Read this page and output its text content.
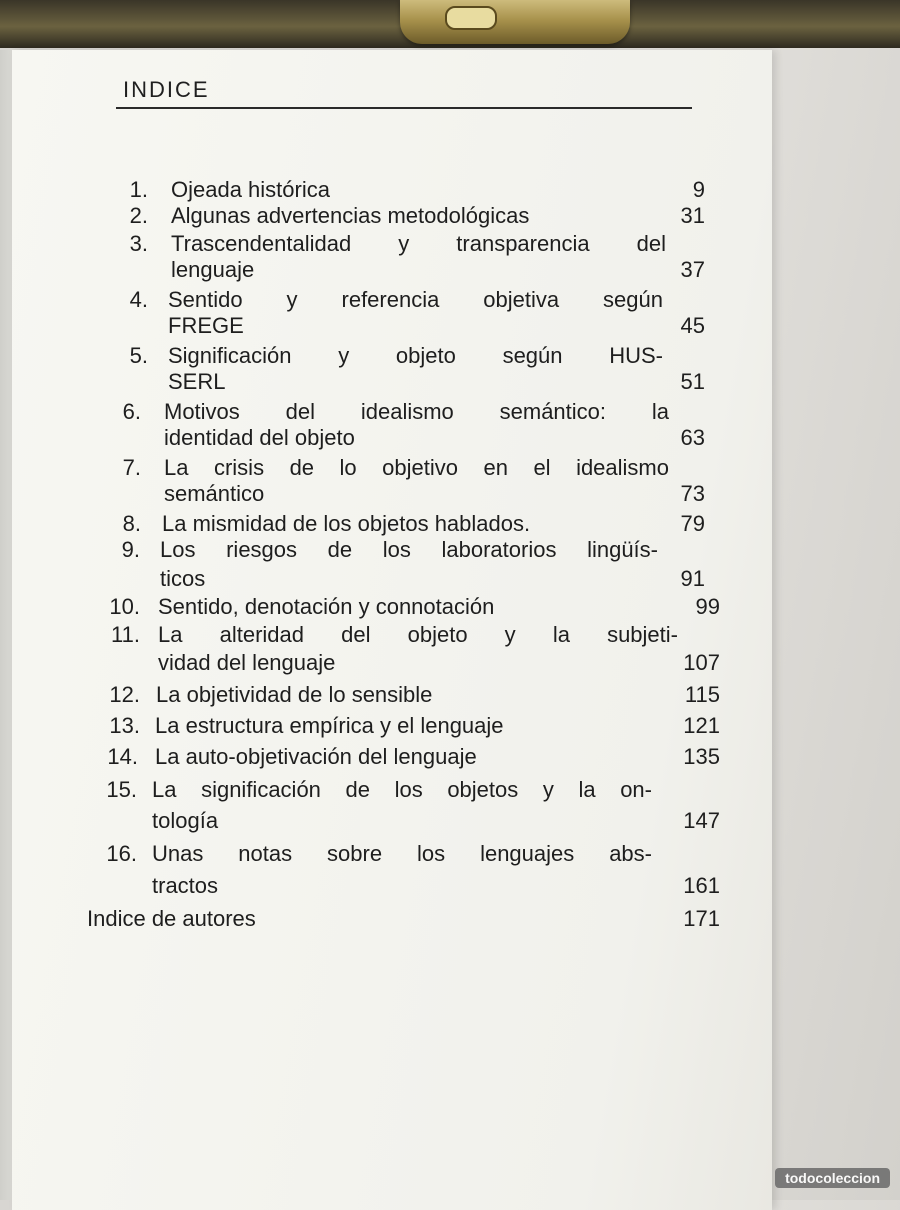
INDICE
1. Ojeada histórica	9
2. Algunas advertencias metodológicas	31
3. Trascendentalidad y transparencia del
lenguaje	37
4. Sentido y referencia objetiva según
FREGE	45
5. Significación y objeto según HUS-
SERL	51
6. Motivos del idealismo semántico: la
identidad del objeto	63
7. La crisis de lo objetivo en el idealismo
semántico	73
8. La mismidad de los objetos hablados.	79
9. Los riesgos de los laboratorios lingüís-
ticos	91
10. Sentido, denotación y connotación	99
11. La alteridad del objeto y la subjeti-
vidad del lenguaje	107
12. La objetividad de lo sensible	115
13. La estructura empírica y el lenguaje	121
14. La auto-objetivación del lenguaje	135
15. La significación de los objetos y la on-
tología	147
16. Unas notas sobre los lenguajes abs-
tractos	161
Indice de autores	171
todocoleccion
